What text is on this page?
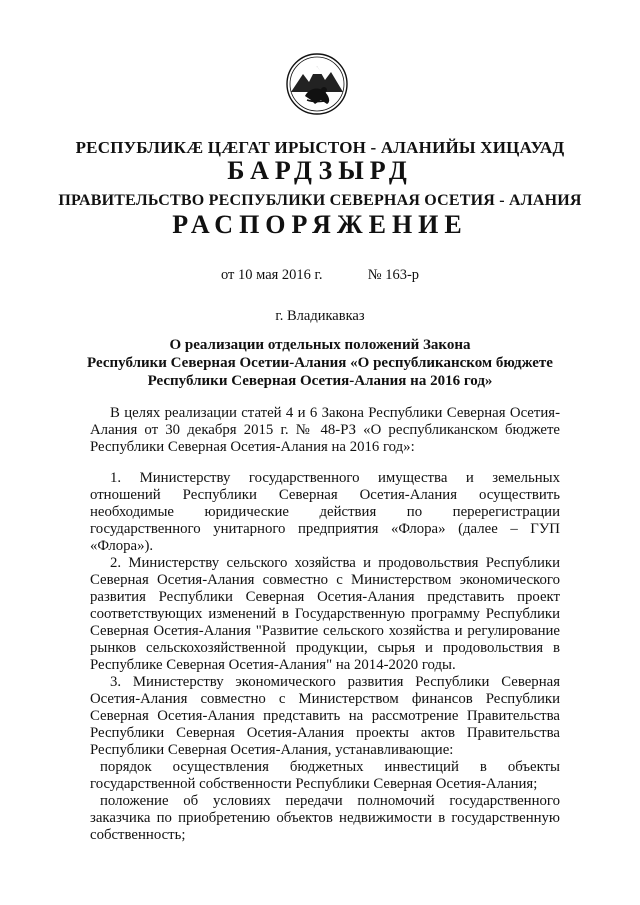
РЕСПУБЛИКӔ ЦӔГАТ ИРЫСТОН - АЛАНИЙЫ ХИЦАУАД
БАРДЗЫРД
ПРАВИТЕЛЬСТВО РЕСПУБЛИКИ СЕВЕРНАЯ ОСЕТИЯ - АЛАНИЯ
РАСПОРЯЖЕНИЕ
от 10 мая 2016 г.	№ 163-р
г. Владикавказ
О реализации отдельных положений Закона
Республики Северная Осетии-Алания «О республиканском бюджете
Республики Северная Осетия-Алания на 2016 год»

В целях реализации статей 4 и 6 Закона Республики Северная Осетия-Алания от 30 декабря 2015 г. № 48-РЗ «О республиканском бюджете Республики Северная Осетия-Алания на 2016 год»:

1. Министерству государственного имущества и земельных отношений Республики Северная Осетия-Алания осуществить необходимые юридические действия по перерегистрации государственного унитарного предприятия «Флора» (далее – ГУП «Флора»).

2. Министерству сельского хозяйства и продовольствия Республики Северная Осетия-Алания совместно с Министерством экономического развития Республики Северная Осетия-Алания представить проект соответствующих изменений в Государственную программу Республики Северная Осетия-Алания "Развитие сельского хозяйства и регулирование рынков сельскохозяйственной продукции, сырья и продовольствия в Республике Северная Осетия-Алания" на 2014-2020 годы.

3. Министерству экономического развития Республики Северная Осетия-Алания совместно с Министерством финансов Республики Северная Осетия-Алания представить на рассмотрение Правительства Республики Северная Осетия-Алания проекты актов Правительства Республики Северная Осетия-Алания, устанавливающие:

порядок осуществления бюджетных инвестиций в объекты государственной собственности Республики Северная Осетия-Алания;

положение об условиях передачи полномочий государственного заказчика по приобретению объектов недвижимости в государственную собственность;
